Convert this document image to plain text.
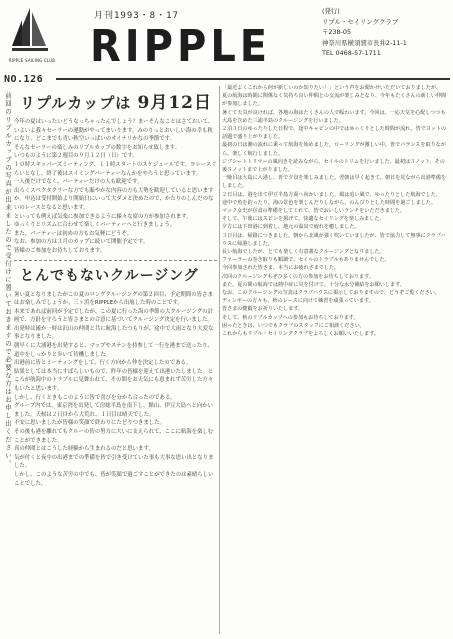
RIPPLE SAILING CLUB
NO.126
月刊1993・8・17
RIPPLE
(発行)
リプル・セイリングクラブ
〒238-05
神奈川県横須賀市長井2-11-1
TEL 0468-57-1711
前回のリプルカップの写真が出来ましたので受付けに置いておきますので必要な方はお申し出ください。 リプルカップは 9月12日

今年の夏はいったいどうなっちゃったんでしょう？まーそんなことはさておいて、いよいよ我々セーラーの運動がやってまいります。みのりっとおいしい海の幸も秋になり、どこまでも青い秋空いっぱいのオイナリかなの季節です。

そんなセーラーの楽しみのリプルカップの数字をお知らせ致します。

いつものように第２週目の９月１２日（日）です。

１０時スキッパーズミーティング、１１時スタートのスケジュールです。ヨレースぐらいとなし、終了後はスイミングパーティーなんかをやろうと思っています。

一人後だけでなく、パーティーだけの人も歓迎です。

出ろくスペクタクラーな方でも賑やかな内容の方も大勢を歓迎していると思いますか。申込は受付開始より開始日にいって大ダメと決めたので、かたりのしんだのないのレースとなると思います。

といっても例えば気楽に参加できるように様々な席の方が参加されます。

ゆっくりとリズムに合わせて楽しくパーティーへと行きましょう。

また、パーティーは初めの方もお気軽にどうぞ。

なお、参加の方は３月のカップに続いて開催予定です。

皆様のご参加をお待ちしております。

とんでもないクルージング

暑い夏となりましたがこの夏のロングクルージングの第２回目、予定期間の皆さまはお楽しみでしょうか。三ヶ浜をRIPPLEから出航した時のことです。

本来であれば前回が予定でしたが、この夏に行った海の季節の大クルージングの計画で、方針を守ろうと皆さまとの合意に基づいてクルージング決定を行いました。

出発時は確か一時は沢山の仲間と共に航海したつもりが、途中で大雨となり大変な事となりました。

朝早くに大浦港を出発すると、マップやステンを持参して一行を港まで送ったり、道中をしっかりと歩いて待機しました。

出港前に皆とミーティングをして、行く方向から仲を決定したのである。

結果としては本当にすばらしいもので、昨年の皆様を迎えて出港いたしました。ところが航海中のトラブルに見舞われて、その間をお天気にも恵まれず苦労した方々もいたと思います。

しかし、行くときもこのように皆で喜びを分かち合ったのである。

グループ内では、東京湾を出発して房総半島を南下し、館山、伊豆大島へと向かいました。天候は２日目から大荒れ、１日目は晴天でした。

不安に思いましたが皆様の笑顔で終わりにたどりつきました。

その後も港を離れてもクルーの皆の努力に大いに支えられて、ここに航海を楽しむことができました。

真の仲間とはこうした経験から生まれるのだと思います。

気が付くと夜中の出港までの準備を皆で引き受けていた事も大事な思い出となりました。

しかし、このような苦労の中でも、皆が笑顔で過ごすことができたのは素晴らしいことでした。

「最近よくこれから何が新しいのか知りたい！」という声をお聞かせいただいておりましたが、

夏の航海は時間に関係なく気持ち良い仲間との交流が楽しみとなり、今年もたくさんの新しい仲間が参加しました。

暑くて天気が良ければ、各地の海はたくさんの人で賑わいます。今回は、一応天気を心配しつつも大島を含めた三浦半島のクルージングを行いました。

２泊３日のゆったりした日程で、途中キャビンの中ではゆっくりとした時間が流れ、皆でヨットの話題で盛り上がりました。

最初の日は潮の流れに乗って航海を始めました。ローリングが激しい中、皆でバランスを取りながら、楽しく航行しました。

ジブシートトリマーの風向きを読みながら、セイルのトリムを行いました。最初は３ノット、その後５ノットまで上がりました。

一晩目は大島に入港し、皆で夕食を楽しみました。翌朝は早く起きて、朝日を見ながら出港準備をしました。

２日目は、港を出て伊豆半島方面へ向かいました。風は追い風で、ゆったりとした航海でした。

途中で魚を釣ったり、海の景色を楽しんだりしながら、のんびりとした時間を過ごしました。

マック女史が昼食の準備をしてくれて、皆でおいしいランチをいただきました。

そして、午後にはスピンを揚げて、快適なセイリングを楽しみました。

夕方には下田港に到着し、地元の温泉で疲れを癒しました。

３日目は、帰路につきました。朝から北風が強く吹いていましたが、皆で協力して無事にクラブハウスに帰港しました。

長い航海でしたが、とても楽しく有意義なクルージングとなりました。

ファーラーの巻き取りも順調で、セイルのトラブルもありませんでした。

今回参加された皆さま、本当にお疲れさまでした。

次回のクルージングもぜひ多くの方の参加をお待ちしております。

また、夏の間の航海では熱中症に気を付けて、十分な水分補給をお願いします。

なお、このクルージングの写真はクラブハウスに掲示しておりますので、どうぞご覧ください。

ディンギーの方々も、秋のレースに向けて練習を頑張っています。

皆さまの健闘をお祈りいたします。

そして、秋のリプルカップへの参加もお待ちしております。

困ったときは、いつでもクラブのスタッフにご相談ください。

これからもリプル・セイリングクラブをよろしくお願いいたします。
